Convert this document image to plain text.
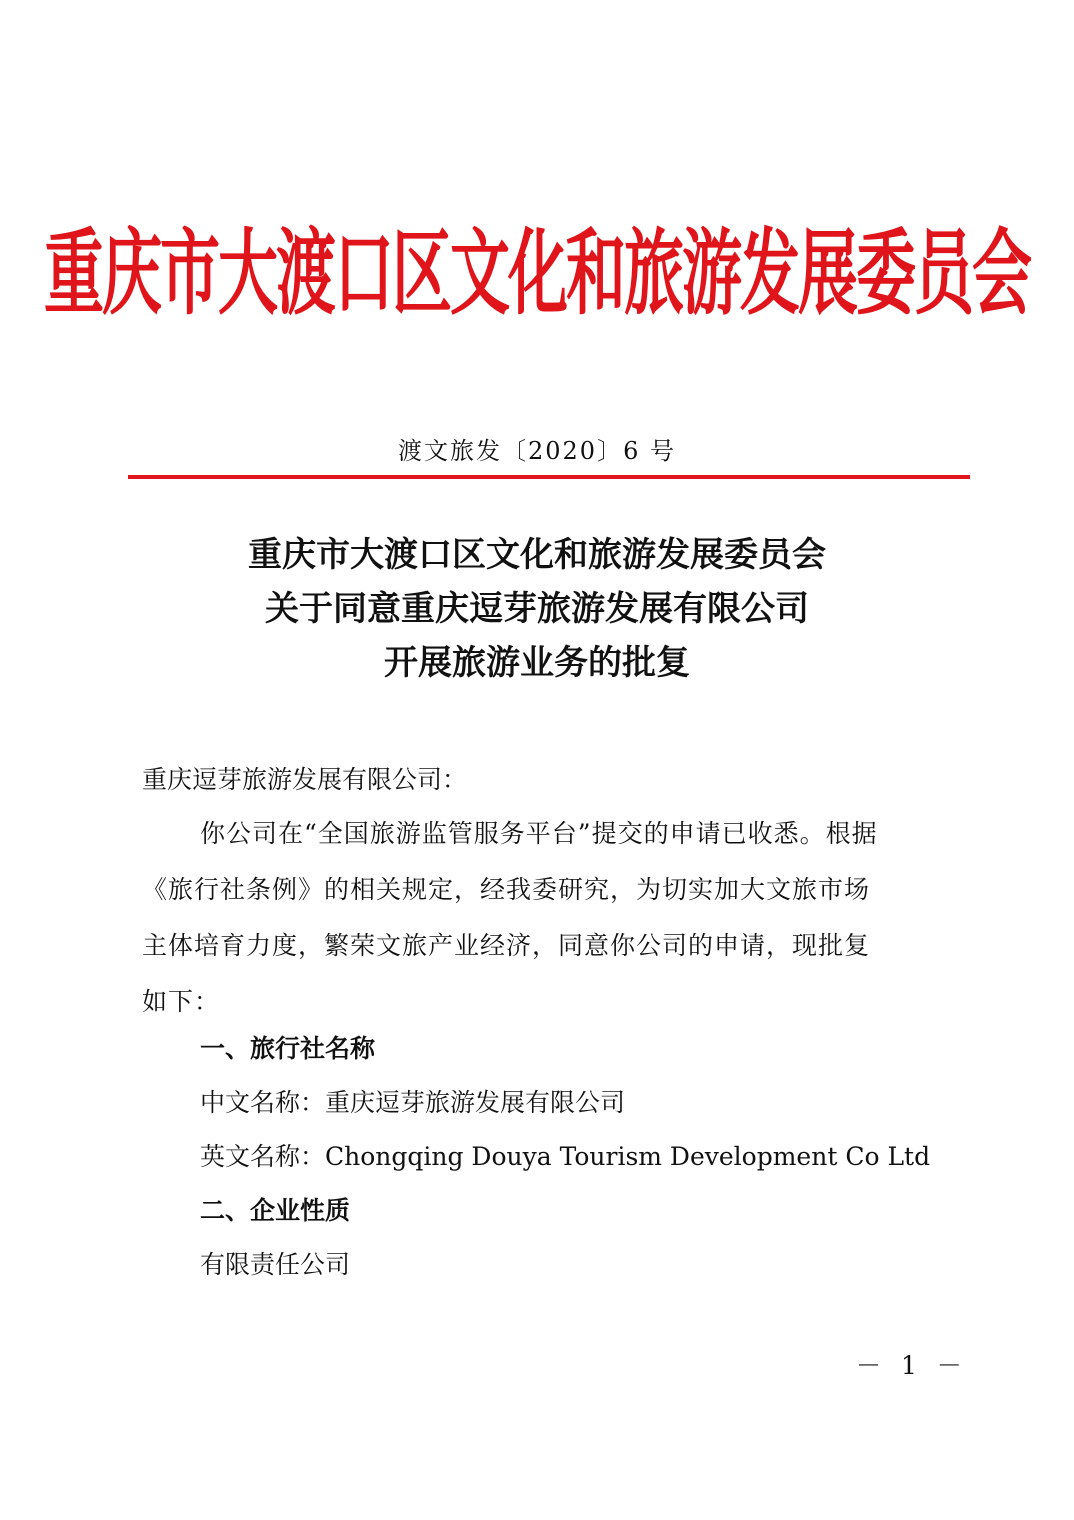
重庆市大渡口区文化和旅游发展委员会
渡文旅发〔2020〕6 号
重庆市大渡口区文化和旅游发展委员会
关于同意重庆逗芽旅游发展有限公司
开展旅游业务的批复

重庆逗芽旅游发展有限公司：

你公司在“全国旅游监管服务平台”提交的申请已收悉。根据

《旅行社条例》的相关规定，经我委研究，为切实加大文旅市场

主体培育力度，繁荣文旅产业经济，同意你公司的申请，现批复

如下：

一、旅行社名称
中文名称：重庆逗芽旅游发展有限公司
英文名称：Chongqing Douya Tourism Development Co Ltd
二、企业性质
有限责任公司
－ 1 －
